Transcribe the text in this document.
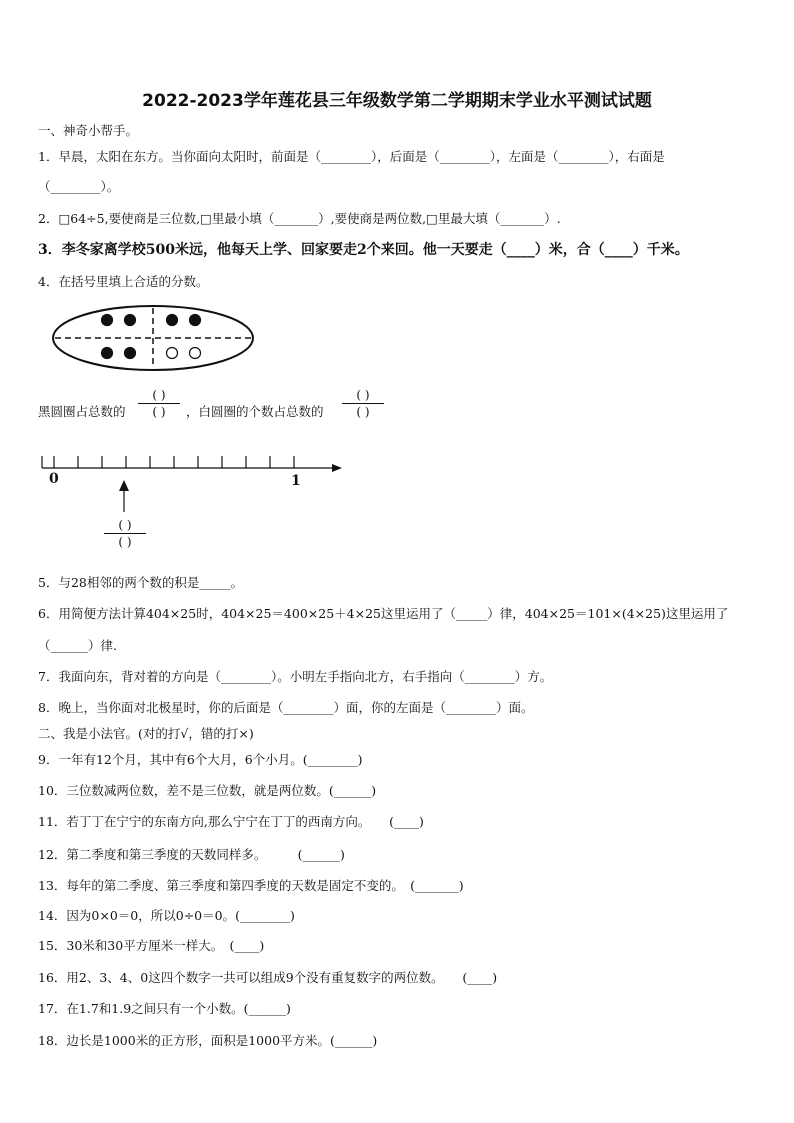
2022-2023学年莲花县三年级数学第二学期期末学业水平测试试题
一、神奇小帮手。
1．早晨，太阳在东方。当你面向太阳时，前面是（________），后面是（________），左面是（________），右面是
（________）。
2．□64÷5,要使商是三位数,□里最小填（_______）,要使商是两位数,□里最大填（_______）.
3．李冬家离学校500米远，他每天上学、回家要走2个来回。他一天要走（____）米，合（____）千米。
4．在括号里填上合适的分数。
黑圆圈占总数的
( )
( )	，白圆圈的个数占总数的
( )
( )
0	1
( )
( )
5．与28相邻的两个数的积是_____。
6．用简便方法计算404×25时，404×25＝400×25＋4×25这里运用了（_____）律，404×25＝101×(4×25)这里运用了
（______）律.
7．我面向东，背对着的方向是（________）。小明左手指向北方，右手指向（________）方。
8．晚上，当你面对北极星时，你的后面是（________）面，你的左面是（________）面。
二、我是小法官。(对的打√，错的打×)
9．一年有12个月，其中有6个大月，6个小月。(________)
10．三位数减两位数，差不是三位数，就是两位数。(______)
11．若丁丁在宁宁的东南方向,那么宁宁在丁丁的西南方向。　　(____)
12．第二季度和第三季度的天数同样多。　　　(______)
13．每年的第二季度、第三季度和第四季度的天数是固定不变的。　(_______)
14．因为0×0＝0，所以0÷0＝0。(________)
15．30米和30平方厘米一样大。　(____)
16．用2、3、4、0这四个数字一共可以组成9个没有重复数字的两位数。　　(____)
17．在1.7和1.9之间只有一个小数。(______)
18．边长是1000米的正方形，面积是1000平方米。(______)
